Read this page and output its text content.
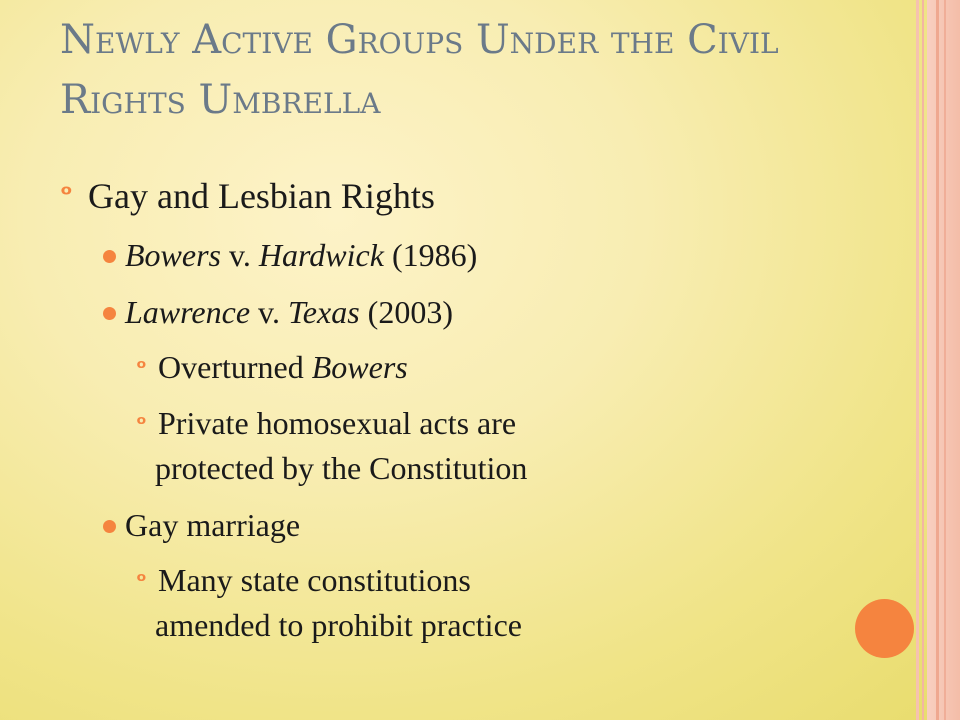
Newly Active Groups Under the Civil Rights Umbrella
ᵒ Gay and Lesbian Rights
Bowers v. Hardwick (1986)
Lawrence v. Texas (2003)
ᵒ Overturned Bowers
ᵒ Private homosexual acts are
protected by the Constitution
Gay marriage
ᵒ Many state constitutions
amended to prohibit practice
